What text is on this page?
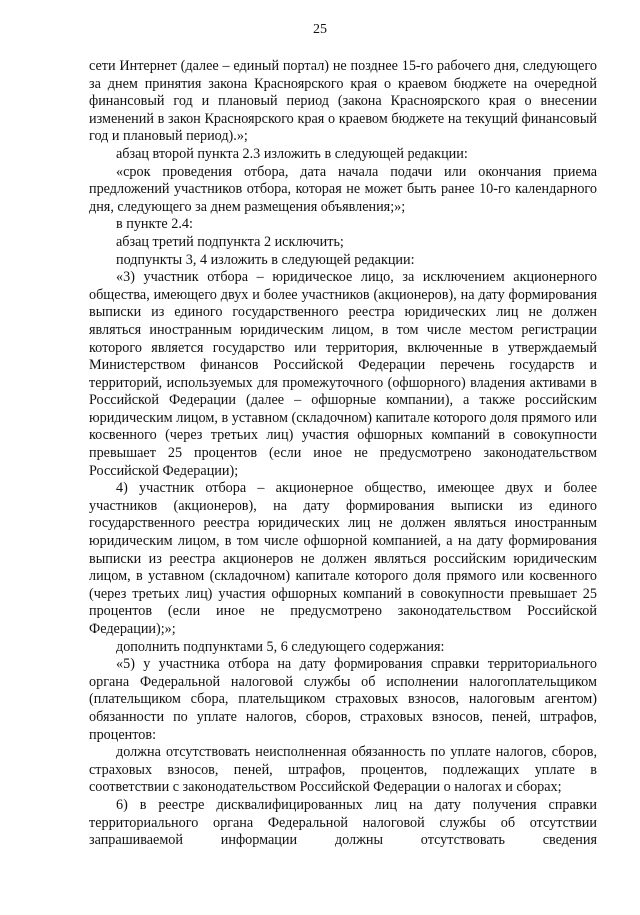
25

сети Интернет (далее – единый портал) не позднее 15-го рабочего дня, следующего за днем принятия закона Красноярского края о краевом бюджете на очередной финансовый год и плановый период (закона Красноярского края о внесении изменений в закон Красноярского края о краевом бюджете на текущий финансовый год и плановый период).»;

абзац второй пункта 2.3 изложить в следующей редакции:

«срок проведения отбора, дата начала подачи или окончания приема предложений участников отбора, которая не может быть ранее 10-го календарного дня, следующего за днем размещения объявления;»;

в пункте 2.4:

абзац третий подпункта 2 исключить;

подпункты 3, 4 изложить в следующей редакции:

«3) участник отбора – юридическое лицо, за исключением акционерного общества, имеющего двух и более участников (акционеров), на дату формирования выписки из единого государственного реестра юридических лиц не должен являться иностранным юридическим лицом, в том числе местом регистрации которого является государство или территория, включенные в утверждаемый Министерством финансов Российской Федерации перечень государств и территорий, используемых для промежуточного (офшорного) владения активами в Российской Федерации (далее – офшорные компании), а также российским юридическим лицом, в уставном (складочном) капитале которого доля прямого или косвенного (через третьих лиц) участия офшорных компаний в совокупности превышает 25 процентов (если иное не предусмотрено законодательством Российской Федерации);

4) участник отбора – акционерное общество, имеющее двух и более участников (акционеров), на дату формирования выписки из единого государственного реестра юридических лиц не должен являться иностранным юридическим лицом, в том числе офшорной компанией, а на дату формирования выписки из реестра акционеров не должен являться российским юридическим лицом, в уставном (складочном) капитале которого доля прямого или косвенного (через третьих лиц) участия офшорных компаний в совокупности превышает 25 процентов (если иное не предусмотрено законодательством Российской Федерации);»;

дополнить подпунктами 5, 6 следующего содержания:

«5) у участника отбора на дату формирования справки территориального органа Федеральной налоговой службы об исполнении налогоплательщиком (плательщиком сбора, плательщиком страховых взносов, налоговым агентом) обязанности по уплате налогов, сборов, страховых взносов, пеней, штрафов, процентов:

должна отсутствовать неисполненная обязанность по уплате налогов, сборов, страховых взносов, пеней, штрафов, процентов, подлежащих уплате в соответствии с законодательством Российской Федерации о налогах и сборах;

6) в реестре дисквалифицированных лиц на дату получения справки территориального органа Федеральной налоговой службы об отсутствии запрашиваемой информации должны отсутствовать сведения
